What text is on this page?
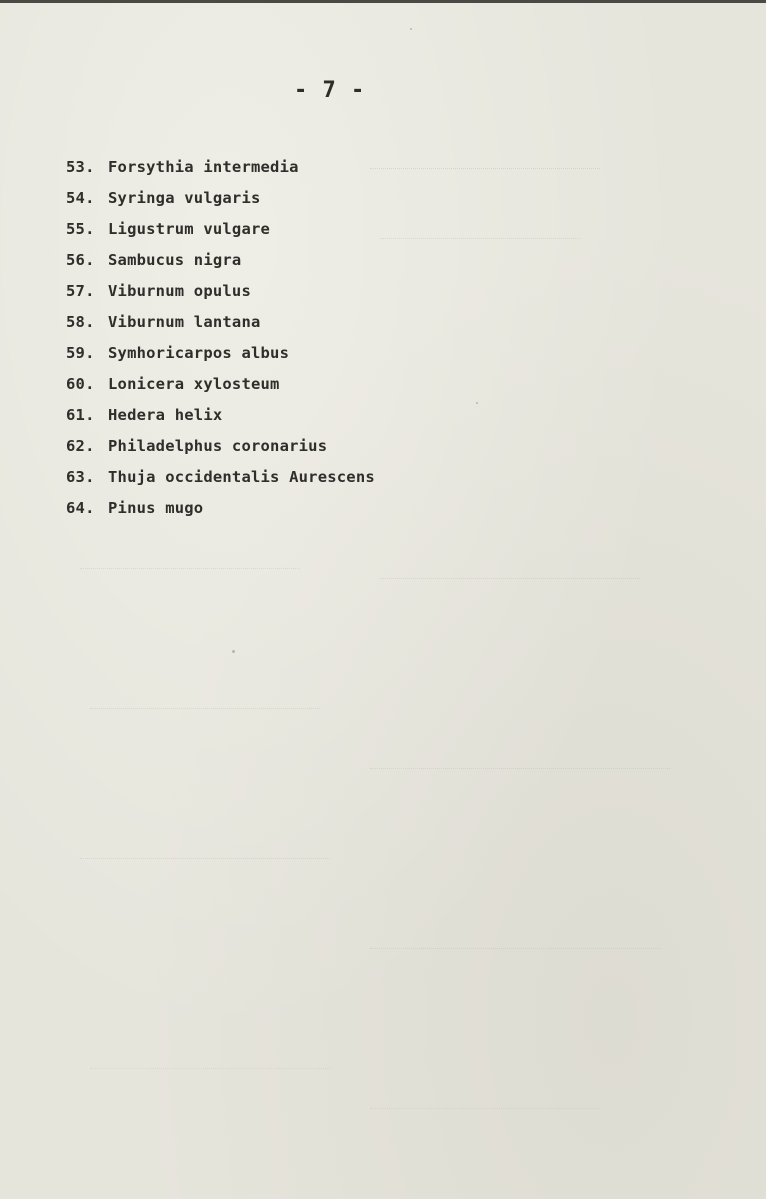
- 7 -
53. Forsythia intermedia
54. Syringa vulgaris
55. Ligustrum vulgare
56. Sambucus nigra
57. Viburnum opulus
58. Viburnum lantana
59. Symhoricarpos albus
60. Lonicera xylosteum
61. Hedera helix
62. Philadelphus coronarius
63. Thuja occidentalis Aurescens
64. Pinus mugo
